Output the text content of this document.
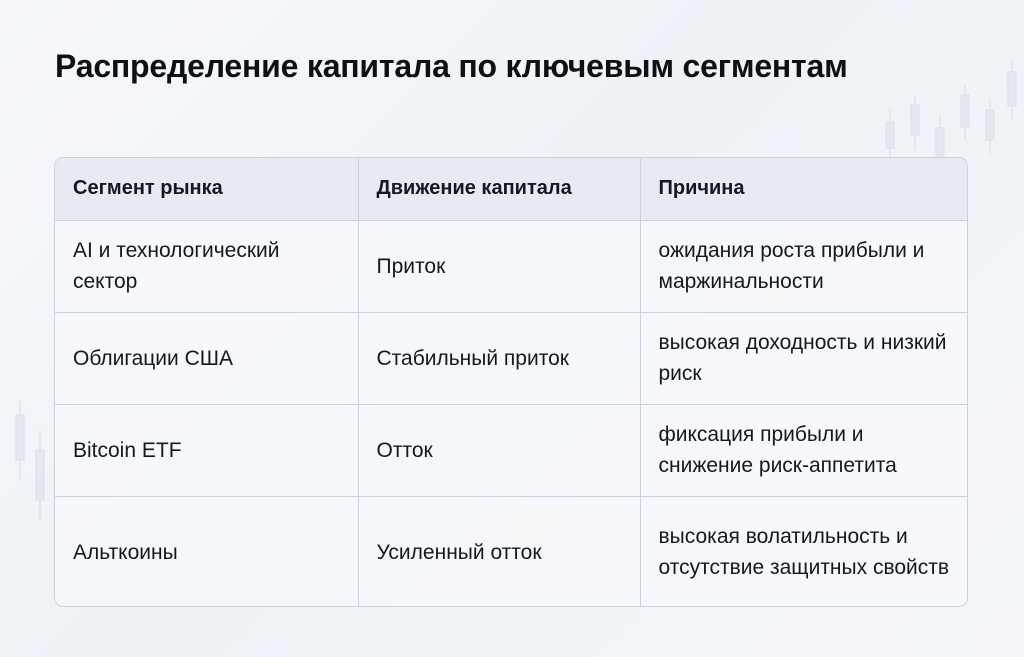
Распределение капитала по ключевым сегментам
Сегмент рынка	Движение капитала	Причина
AI и технологический сектор	Приток	ожидания роста прибыли и маржинальности
Облигации США	Стабильный приток	высокая доходность и низкий риск
Bitcoin ETF	Отток	фиксация прибыли и снижение риск-аппетита
Альткоины	Усиленный отток	высокая волатильность и отсутствие защитных свойств
